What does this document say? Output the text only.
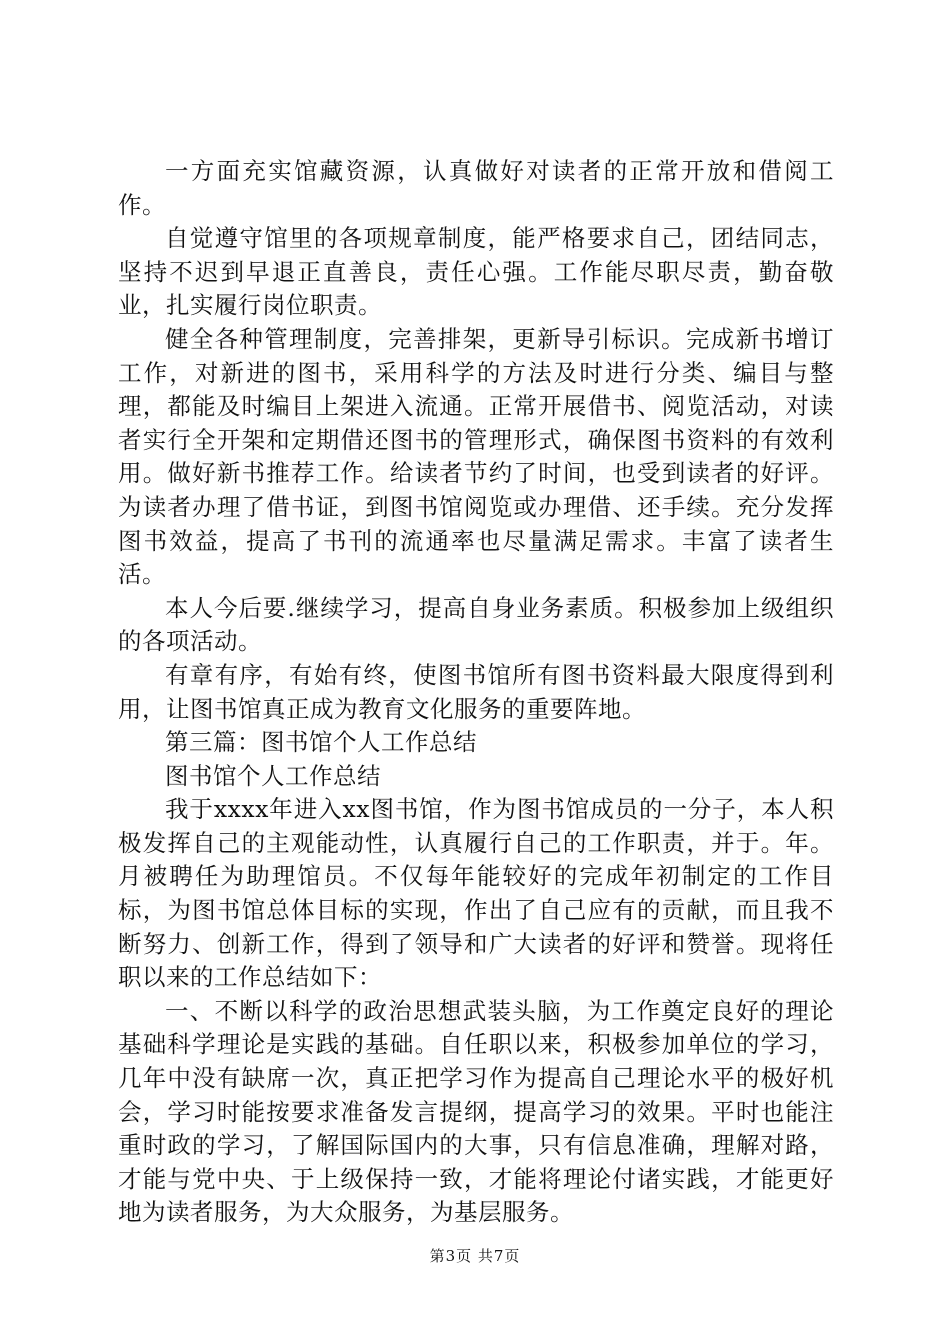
一方面充实馆藏资源，认真做好对读者的正常开放和借阅工作。

自觉遵守馆里的各项规章制度，能严格要求自己，团结同志，坚持不迟到早退正直善良，责任心强。工作能尽职尽责，勤奋敬业，扎实履行岗位职责。

健全各种管理制度，完善排架，更新导引标识。完成新书增订工作，对新进的图书，采用科学的方法及时进行分类、编目与整理，都能及时编目上架进入流通。正常开展借书、阅览活动，对读者实行全开架和定期借还图书的管理形式，确保图书资料的有效利用。做好新书推荐工作。给读者节约了时间，也受到读者的好评。为读者办理了借书证，到图书馆阅览或办理借、还手续。充分发挥图书效益，提高了书刊的流通率也尽量满足需求。丰富了读者生活。

本人今后要.继续学习，提高自身业务素质。积极参加上级组织的各项活动。

有章有序，有始有终，使图书馆所有图书资料最大限度得到利用，让图书馆真正成为教育文化服务的重要阵地。

第三篇：图书馆个人工作总结

图书馆个人工作总结

我于xxxx年进入xx图书馆，作为图书馆成员的一分子，本人积极发挥自己的主观能动性，认真履行自己的工作职责，并于。年。月被聘任为助理馆员。不仅每年能较好的完成年初制定的工作目标，为图书馆总体目标的实现，作出了自己应有的贡献，而且我不断努力、创新工作，得到了领导和广大读者的好评和赞誉。现将任职以来的工作总结如下：

一、不断以科学的政治思想武装头脑，为工作奠定良好的理论基础科学理论是实践的基础。自任职以来，积极参加单位的学习，几年中没有缺席一次，真正把学习作为提高自己理论水平的极好机会，学习时能按要求准备发言提纲，提高学习的效果。平时也能注重时政的学习，了解国际国内的大事，只有信息准确，理解对路，才能与党中央、于上级保持一致，才能将理论付诸实践，才能更好地为读者服务，为大众服务，为基层服务。

第3页 共7页
